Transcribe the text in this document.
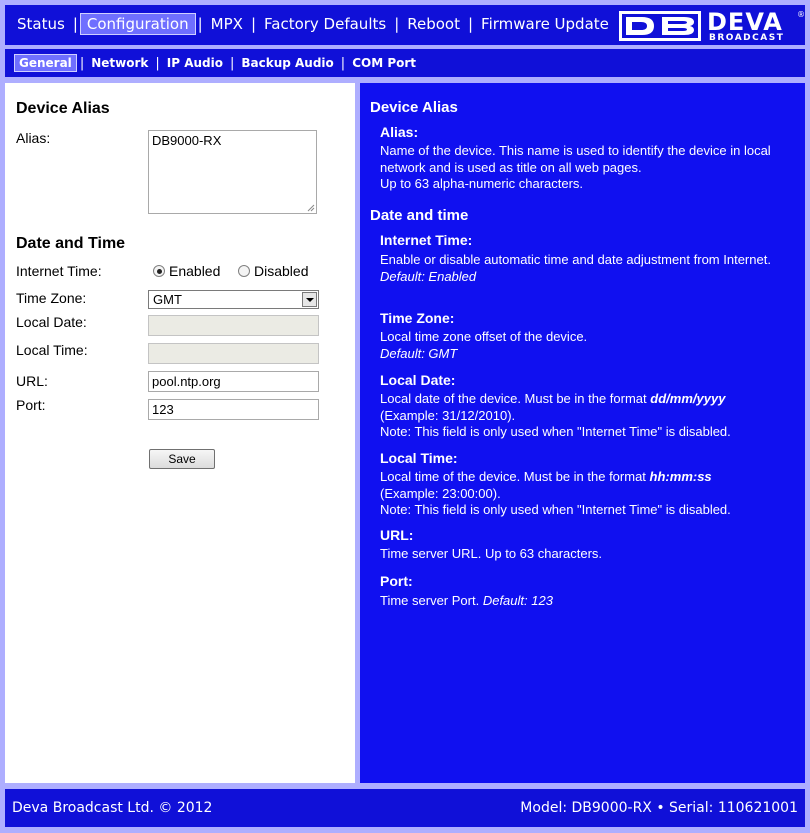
Status | Configuration | MPX | Factory Defaults | Reboot | Firmware Update	DEVA ®
BROADCAST
General | Network | IP Audio | Backup Audio | COM Port
Device Alias
Alias:
DB9000-RX
Date and Time
Internet Time:	Enabled Disabled
Time Zone:	GMT
Local Date:
Local Time:
URL:
pool.ntp.org
Port:
123
Save
Device Alias
Alias:
Name of the device. This name is used to identify the device in local network and is used as title on all web pages.
Up to 63 alpha-numeric characters.
Date and time
Internet Time:
Enable or disable automatic time and date adjustment from Internet.
Default: Enabled
Time Zone:
Local time zone offset of the device.
Default: GMT
Local Date:
Local date of the device. Must be in the format dd/mm/yyyy
(Example: 31/12/2010).
Note: This field is only used when "Internet Time" is disabled.
Local Time:
Local time of the device. Must be in the format hh:mm:ss
(Example: 23:00:00).
Note: This field is only used when "Internet Time" is disabled.
URL:
Time server URL. Up to 63 characters.
Port:
Time server Port. Default: 123
Deva Broadcast Ltd. © 2012	Model: DB9000-RX • Serial: 110621001
